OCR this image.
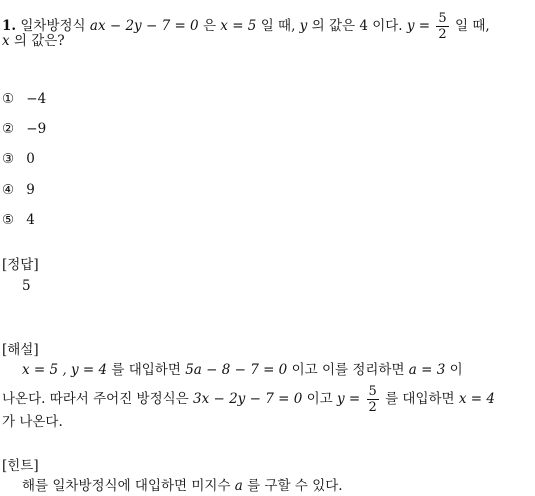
1. 일차방정식 ax − 2y − 7 = 0 은 x = 5 일 때, y 의 값은 4 이다. $y = \frac{5}{2}$ 일 때,
x 의 값은?
① −4
② −9
③ 0
④ 9
⑤ 4
[정답]
5
[해설]
x = 5 , y = 4 를 대입하면 5a − 8 − 7 = 0 이고 이를 정리하면 a = 3 이
나온다. 따라서 주어진 방정식은 3x − 2y − 7 = 0 이고 $y = \frac{5}{2}$ 를 대입하면 x = 4
가 나온다.
[힌트]
해를 일차방정식에 대입하면 미지수 a 를 구할 수 있다.
